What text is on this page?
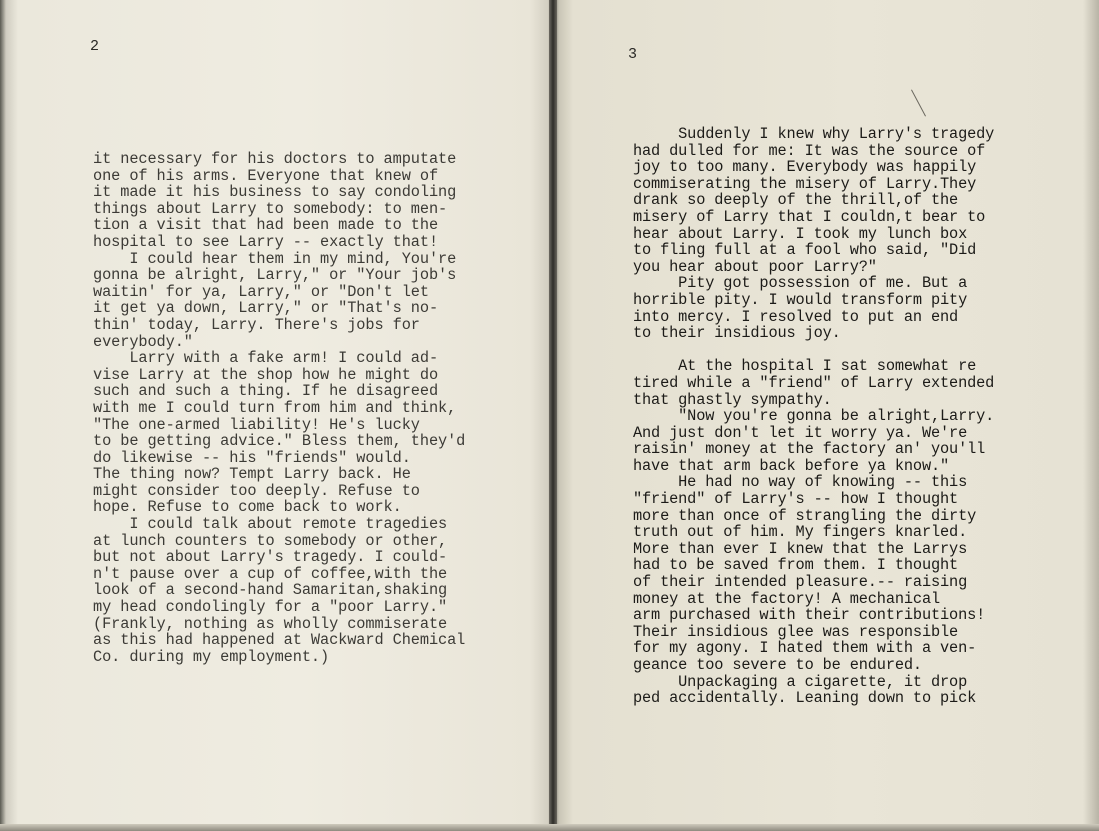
2
it necessary for his doctors to amputate
one of his arms. Everyone that knew of
it made it his business to say condoling
things about Larry to somebody: to men-
tion a visit that had been made to the
hospital to see Larry -- exactly that!
I could hear them in my mind, You're
gonna be alright, Larry," or "Your job's
waitin' for ya, Larry," or "Don't let
it get ya down, Larry," or "That's no-
thin' today, Larry. There's jobs for
everybody."
Larry with a fake arm! I could ad-
vise Larry at the shop how he might do
such and such a thing. If he disagreed
with me I could turn from him and think,
"The one-armed liability! He's lucky
to be getting advice." Bless them, they'd
do likewise -- his "friends" would.
The thing now? Tempt Larry back. He
might consider too deeply. Refuse to
hope. Refuse to come back to work.
I could talk about remote tragedies
at lunch counters to somebody or other,
but not about Larry's tragedy. I could-
n't pause over a cup of coffee,with the
look of a second-hand Samaritan,shaking
my head condolingly for a "poor Larry."
(Frankly, nothing as wholly commiserate
as this had happened at Wackward Chemical
Co. during my employment.)
3
Suddenly I knew why Larry's tragedy
had dulled for me: It was the source of
joy to too many. Everybody was happily
commiserating the misery of Larry.They
drank so deeply of the thrill,of the
misery of Larry that I couldn,t bear to
hear about Larry. I took my lunch box
to fling full at a fool who said, "Did
you hear about poor Larry?"
Pity got possession of me. But a
horrible pity. I would transform pity
into mercy. I resolved to put an end
to their insidious joy.

At the hospital I sat somewhat re
tired while a "friend" of Larry extended
that ghastly sympathy.
"Now you're gonna be alright,Larry.
And just don't let it worry ya. We're
raisin' money at the factory an' you'll
have that arm back before ya know."
He had no way of knowing -- this
"friend" of Larry's -- how I thought
more than once of strangling the dirty
truth out of him. My fingers knarled.
More than ever I knew that the Larrys
had to be saved from them. I thought
of their intended pleasure.-- raising
money at the factory! A mechanical
arm purchased with their contributions!
Their insidious glee was responsible
for my agony. I hated them with a ven-
geance too severe to be endured.
Unpackaging a cigarette, it drop
ped accidentally. Leaning down to pick
